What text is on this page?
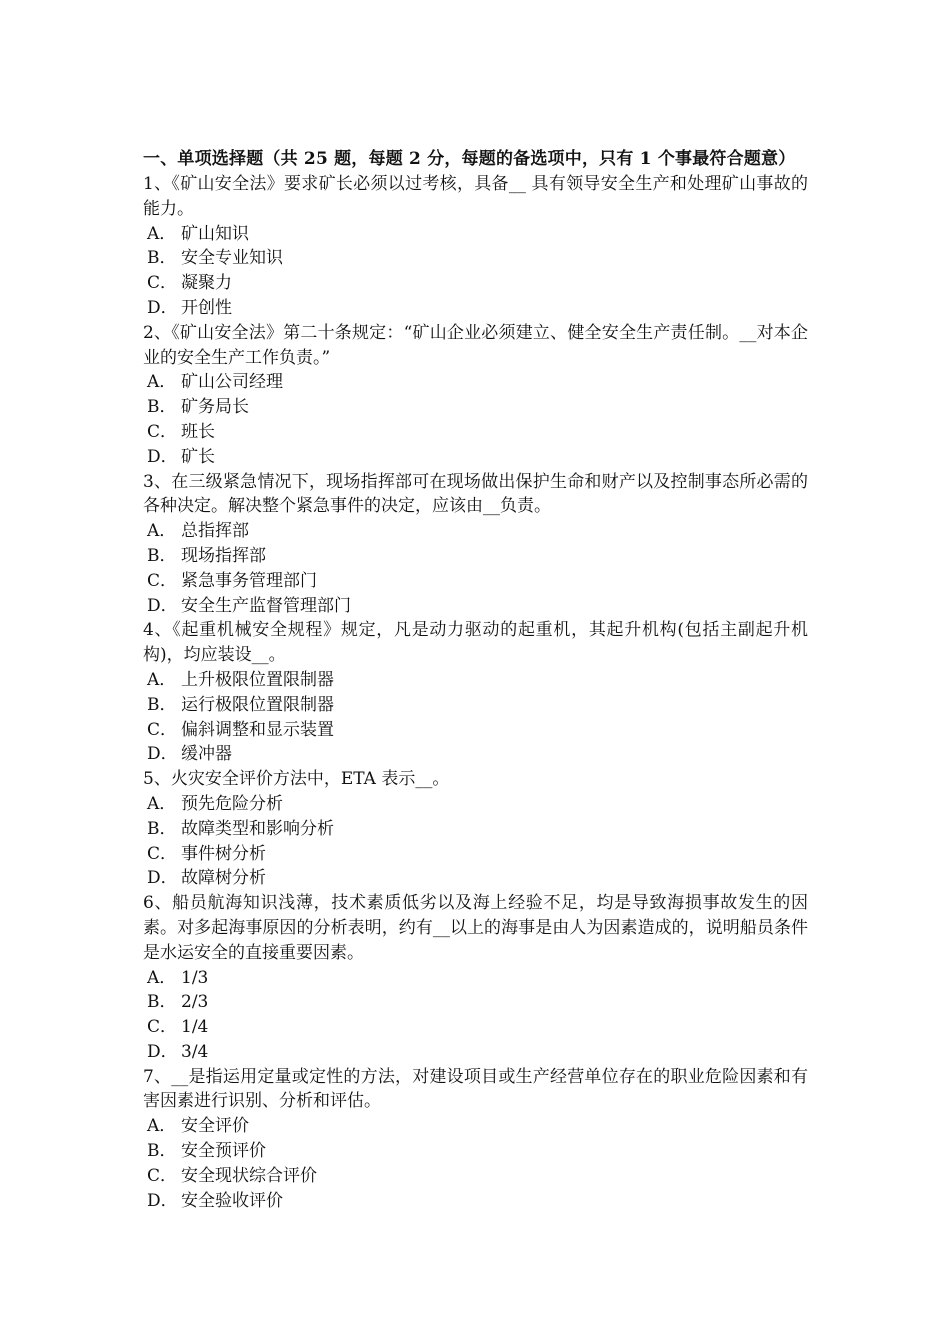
一、单项选择题（共 25 题，每题 2 分，每题的备选项中，只有 1 个事最符合题意）
1、《矿山安全法》要求矿长必须以过考核，具备__ 具有领导安全生产和处理矿山事故的能力。
A． 矿山知识
B． 安全专业知识
C． 凝聚力
D． 开创性
2、《矿山安全法》第二十条规定：“矿山企业必须建立、健全安全生产责任制。__对本企业的安全生产工作负责。”
A． 矿山公司经理
B． 矿务局长
C． 班长
D． 矿长
3、在三级紧急情况下，现场指挥部可在现场做出保护生命和财产以及控制事态所必需的各种决定。解决整个紧急事件的决定，应该由__负责。
A． 总指挥部
B． 现场指挥部
C． 紧急事务管理部门
D． 安全生产监督管理部门
4、《起重机械安全规程》规定，凡是动力驱动的起重机，其起升机构(包括主副起升机构)，均应装设__。
A． 上升极限位置限制器
B． 运行极限位置限制器
C． 偏斜调整和显示装置
D． 缓冲器
5、火灾安全评价方法中，ETA 表示__。
A． 预先危险分析
B． 故障类型和影响分析
C． 事件树分析
D． 故障树分析
6、船员航海知识浅薄，技术素质低劣以及海上经验不足，均是导致海损事故发生的因素。对多起海事原因的分析表明，约有__以上的海事是由人为因素造成的，说明船员条件是水运安全的直接重要因素。
A． 1/3
B． 2/3
C． 1/4
D． 3/4
7、__是指运用定量或定性的方法，对建设项目或生产经营单位存在的职业危险因素和有害因素进行识别、分析和评估。
A． 安全评价
B． 安全预评价
C． 安全现状综合评价
D． 安全验收评价
